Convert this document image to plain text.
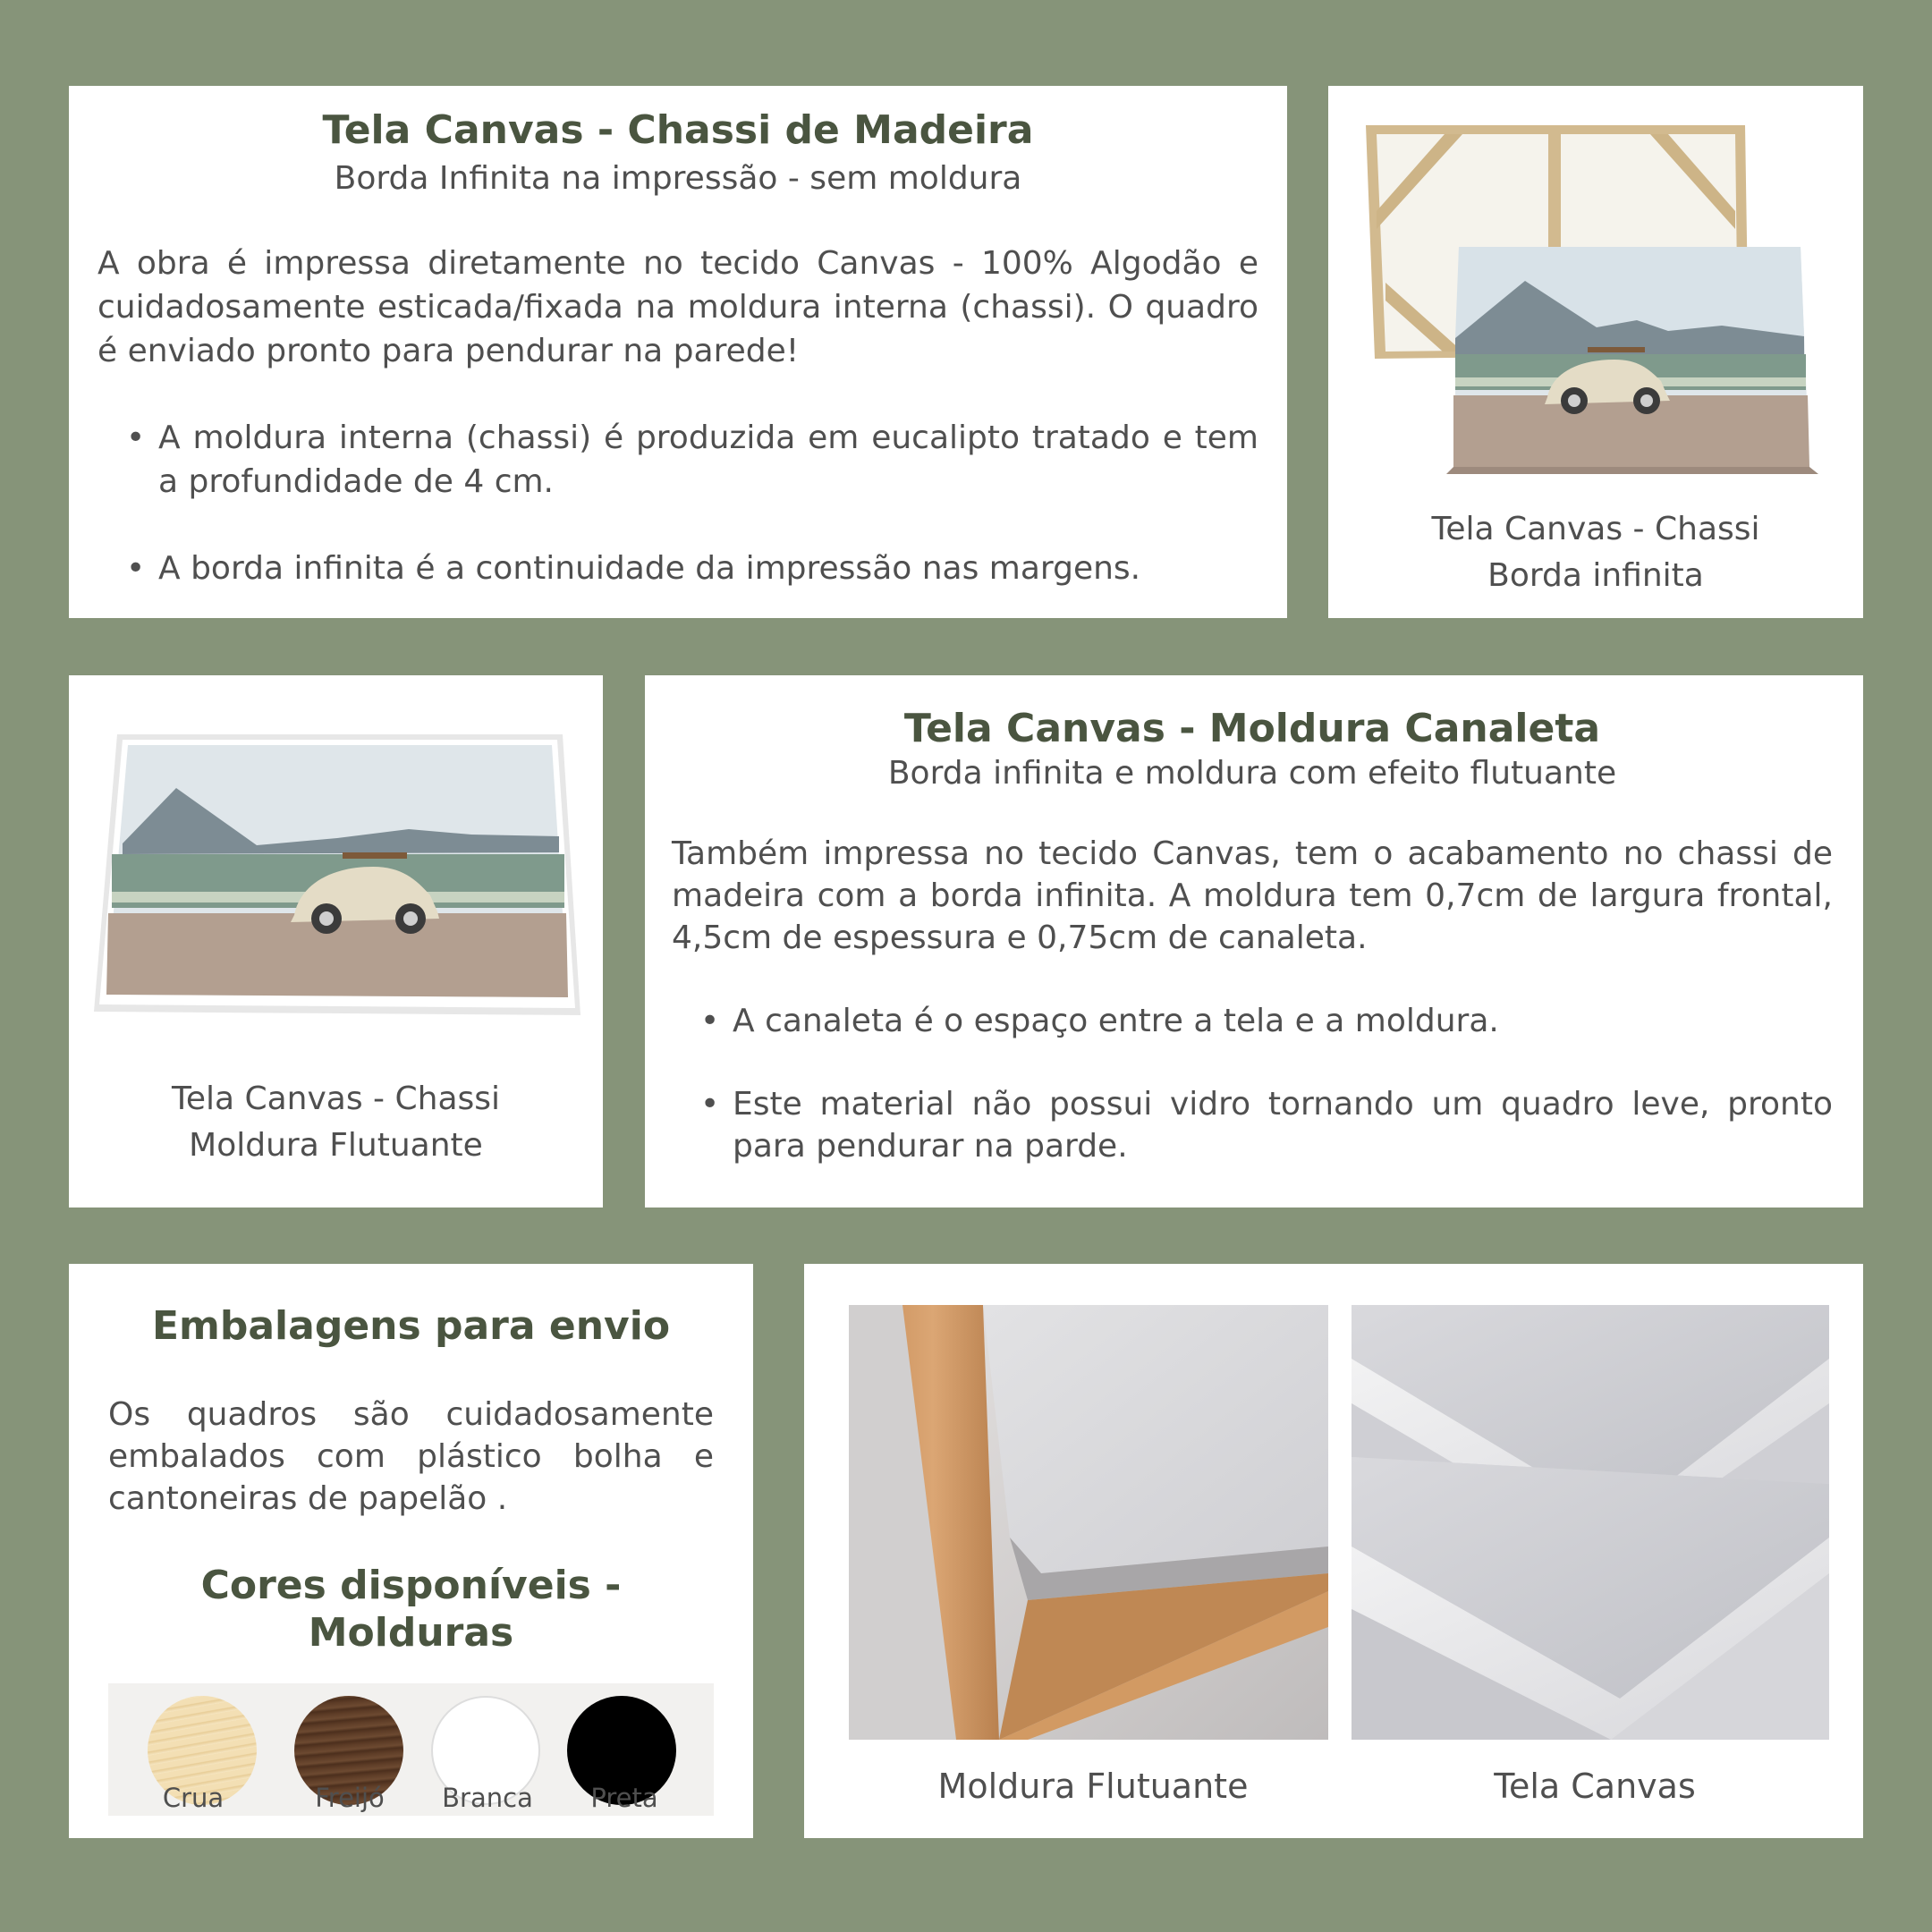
Tela Canvas - Chassi de Madeira

Borda Infinita na impressão - sem moldura

A obra é impressa diretamente no tecido Canvas - 100% Algodão e cuidadosamente esticada/fixada na moldura interna (chassi). O quadro é enviado pronto para pendurar na parede!

• A moldura interna (chassi) é produzida em eucalipto tratado e tem a profundidade de 4 cm.
• A borda infinita é a continuidade da impressão nas margens.

Tela Canvas - Chassi
Borda infinita

Tela Canvas - Chassi
Moldura Flutuante

Tela Canvas - Moldura Canaleta

Borda infinita e moldura com efeito flutuante

Também impressa no tecido Canvas, tem o acabamento no chassi de madeira com a borda infinita. A moldura tem 0,7cm de largura frontal, 4,5cm de espessura e 0,75cm de canaleta.

• A canaleta é o espaço entre a tela e a moldura.
• Este material não possui vidro tornando um quadro leve, pronto para pendurar na parde.
Embalagens para envio

Os quadros são cuidadosamente embalados com plástico bolha e cantoneiras de papelão .

Cores disponíveis - Molduras
Crua	Freijó	Branca	Preta	Moldura Flutuante	Tela Canvas
